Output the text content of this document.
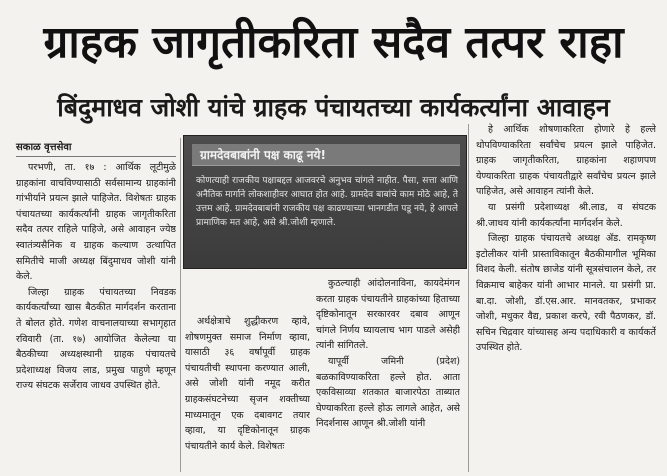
ग्राहक जागृतीकरिता सदैव तत्पर राहा
बिंदुमाधव जोशी यांचे ग्राहक पंचायतच्या कार्यकर्त्यांना आवाहन
सकाळ वृत्तसेवा

परभणी, ता. १७ : आर्थिक लूटीमुळे ग्राहकांना वाचविण्यासाठी सर्वसामान्य ग्राहकांनी गांभीर्याने प्रयत्न झाले पाहिजेत. विशेषतः ग्राहक पंचायतच्या कार्यकर्त्यांनी ग्राहक जागृतीकरिता सदैव तत्पर राहिले पाहिजे, असे आवाहन ज्येष्ठ स्वातंत्र्यसैनिक व ग्राहक कल्याण उत्थापित समितीचे माजी अध्यक्ष बिंदुमाधव जोशी यांनी केले.

जिल्हा ग्राहक पंचायतच्या निवडक कार्यकर्त्यांच्या खास बैठकीत मार्गदर्शन करताना ते बोलत होते. गणेश वाचनालयाच्या सभागृहात रविवारी (ता. १७) आयोजित केलेल्या या बैठकीच्या अध्यक्षस्थानी ग्राहक पंचायतचे प्रदेशाध्यक्ष विजय लाड, प्रमुख पाहुणे म्हणून राज्य संघटक सर्जेराव जाधव उपस्थित होते.

ग्रामदेवबाबांनी पक्ष काढू नये!

कोणत्याही राजकीय पक्षाबद्दल आजवरचे अनुभव चांगले नाहीत. पैसा, सत्ता आणि अनैतिक मार्गाने लोकशाहीवर आघात होत आहे. ग्रामदेव बाबांचे काम मोठे आहे, ते उत्तम आहे. ग्रामदेवबाबांनी राजकीय पक्ष काढण्याच्या भानगडीत पडू नये, हे आपले प्रामाणिक मत आहे, असे श्री.जोशी म्हणाले.

अर्थक्षेत्राचे शुद्धीकरण व्हावे, शोषणमुक्त समाज निर्माण व्हावा, यासाठी ३६ वर्षांपूर्वी ग्राहक पंचायतीची स्थापना करण्यात आली, असे जोशी यांनी नमूद करीत ग्राहकसंघटनेच्या सृजन शक्तीच्या माध्यमातून एक दबावगट तयार व्हावा, या दृष्टिकोनातून ग्राहक पंचायतीने कार्य केले. विशेषतः

कुठल्याही आंदोलनाविना, कायदेमंगन करता ग्राहक पंचायतीने ग्राहकांच्या हिताच्या दृष्टिकोनातून सरकारवर दबाव आणून चांगले निर्णय घ्यायलाच भाग पाडले असेही त्यांनी सांगितले.

यापूर्वी जमिनी (प्रदेश) बळकाविण्याकरिता हल्ले होत. आता एकविसाव्या शतकात बाजारपेठा ताब्यात घेण्याकरिता हल्ले होऊ लागले आहेत, असे निदर्शनास आणून श्री.जोशी यांनी

हे आर्थिक शोषणाकरिता होणारे हे हल्ले थोपविण्याकरिता सर्वांचेच प्रयत्न झाले पाहिजेत. ग्राहक जागृतीकरिता, ग्राहकांना शहाणपण येण्याकरिता ग्राहक पंचायतीद्वारे सर्वांचेच प्रयत्न झाले पाहिजेत, असे आवाहन त्यांनी केले.

या प्रसंगी प्रदेशाध्यक्ष श्री.लाड, व संघटक श्री.जाधव यांनी कार्यकर्त्यांना मार्गदर्शन केले.

जिल्हा ग्राहक पंचायतचे अध्यक्ष ॲड. रामकृष्ण इटोलीकर यांनी प्रास्ताविकातून बैठकीमागील भूमिका विशद केली. संतोष छाजेड यांनी सूत्रसंचालन केले, तर विक्रमाच बाहेकर यांनी आभार मानले. या प्रसंगी प्रा. बा.दा. जोशी, डॉ.एस.आर. मानवतकर, प्रभाकर जोशी, मधुकर वैद्य, प्रकाश करपे, रवी पैठणकर, डॉ. सचिन चिद्रवार यांच्यासह अन्य पदाधिकारी व कार्यकर्ते उपस्थित होते.
